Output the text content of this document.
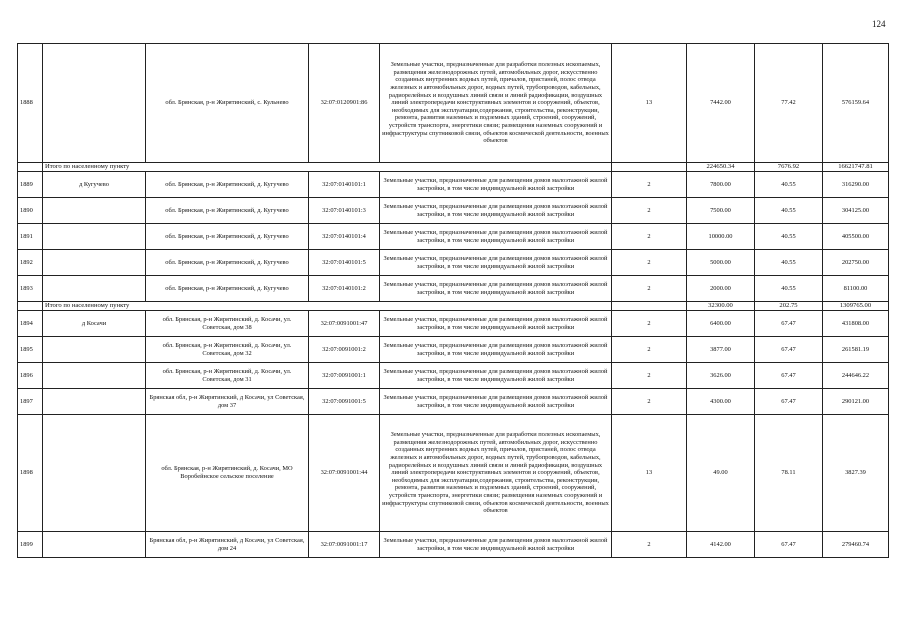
124
1888		обл. Брянская, р-н Жирятинский, с. Кульнево	32:07:0120901:86	Земельные участки, предназначенные для разработки полезных ископаемых, размещения железнодорожных путей, автомобильных дорог, искусственно созданных внутренних водных путей, причалов, пристаней, полос отвода железных и автомобильных дорог, водных путей, трубопроводов, кабельных, радиорелейных и воздушных линий связи и линий радиофикации, воздушных линий электропередачи конструктивных элементов и сооружений, объектов, необходимых для эксплуатации,содержания, строительства, реконструкции, ремонта, развития наземных и подземных зданий, строений, сооружений, устройств транспорта, энергетики связи; размещения наземных сооружений и инфраструктуры спутниковой связи, объектов космической деятельности, военных объектов	13	7442.00	77.42	576159.64
	Итого по населенному пункту					224650.34	7676.92	16621747.81
1889	д Кугучево	обл. Брянская, р-н Жирятинский, д. Кугучево	32:07:0140101:1	Земельные участки, предназначенные для размещения домов малоэтажной жилой застройки, в том числе индивидуальной жилой застройки	2	7800.00	40.55	316290.00
1890		обл. Брянская, р-н Жирятинский, д. Кугучево	32:07:0140101:3	Земельные участки, предназначенные для размещения домов малоэтажной жилой застройки, в том числе индивидуальной жилой застройки	2	7500.00	40.55	304125.00
1891		обл. Брянская, р-н Жирятинский, д. Кугучево	32:07:0140101:4	Земельные участки, предназначенные для размещения домов малоэтажной жилой застройки, в том числе индивидуальной жилой застройки	2	10000.00	40.55	405500.00
1892		обл. Брянская, р-н Жирятинский, д. Кугучево	32:07:0140101:5	Земельные участки, предназначенные для размещения домов малоэтажной жилой застройки, в том числе индивидуальной жилой застройки	2	5000.00	40.55	202750.00
1893		обл. Брянская, р-н Жирятинский, д. Кугучево	32:07:0140101:2	Земельные участки, предназначенные для размещения домов малоэтажной жилой застройки, в том числе индивидуальной жилой застройки	2	2000.00	40.55	81100.00
	Итого по населенному пункту					32300.00	202.75	1309765.00
1894	д Косачи	обл. Брянская, р-н Жирятинский, д. Косачи, ул. Советская, дом 38	32:07:0091001:47	Земельные участки, предназначенные для размещения домов малоэтажной жилой застройки, в том числе индивидуальной жилой застройки	2	6400.00	67.47	431808.00
1895		обл. Брянская, р-н Жирятинский, д. Косачи, ул. Советская, дом 32	32:07:0091001:2	Земельные участки, предназначенные для размещения домов малоэтажной жилой застройки, в том числе индивидуальной жилой застройки	2	3877.00	67.47	261581.19
1896		обл. Брянская, р-н Жирятинский, д. Косачи, ул. Советская, дом 31	32:07:0091001:1	Земельные участки, предназначенные для размещения домов малоэтажной жилой застройки, в том числе индивидуальной жилой застройки	2	3626.00	67.47	244646.22
1897		Брянская обл, р-н Жирятинский, д Косачи, ул Советская, дом 37	32:07:0091001:5	Земельные участки, предназначенные для размещения домов малоэтажной жилой застройки, в том числе индивидуальной жилой застройки	2	4300.00	67.47	290121.00
1898		обл. Брянская, р-н Жирятинский, д. Косачи, МО Воробейнское сельское поселение	32:07:0091001:44	Земельные участки, предназначенные для разработки полезных ископаемых, размещения железнодорожных путей, автомобильных дорог, искусственно созданных внутренних водных путей, причалов, пристаней, полос отвода железных и автомобильных дорог, водных путей, трубопроводов, кабельных, радиорелейных и воздушных линий связи и линий радиофикации, воздушных линий электропередачи конструктивных элементов и сооружений, объектов, необходимых для эксплуатации,содержания, строительства, реконструкции, ремонта, развития наземных и подземных зданий, строений, сооружений, устройств транспорта, энергетики связи; размещения наземных сооружений и инфраструктуры спутниковой связи, объектов космической деятельности, военных объектов	13	49.00	78.11	3827.39
1899		Брянская обл, р-н Жирятинский, д Косачи, ул Советская, дом 24	32:07:0091001:17	Земельные участки, предназначенные для размещения домов малоэтажной жилой застройки, в том числе индивидуальной жилой застройки	2	4142.00	67.47	279460.74
